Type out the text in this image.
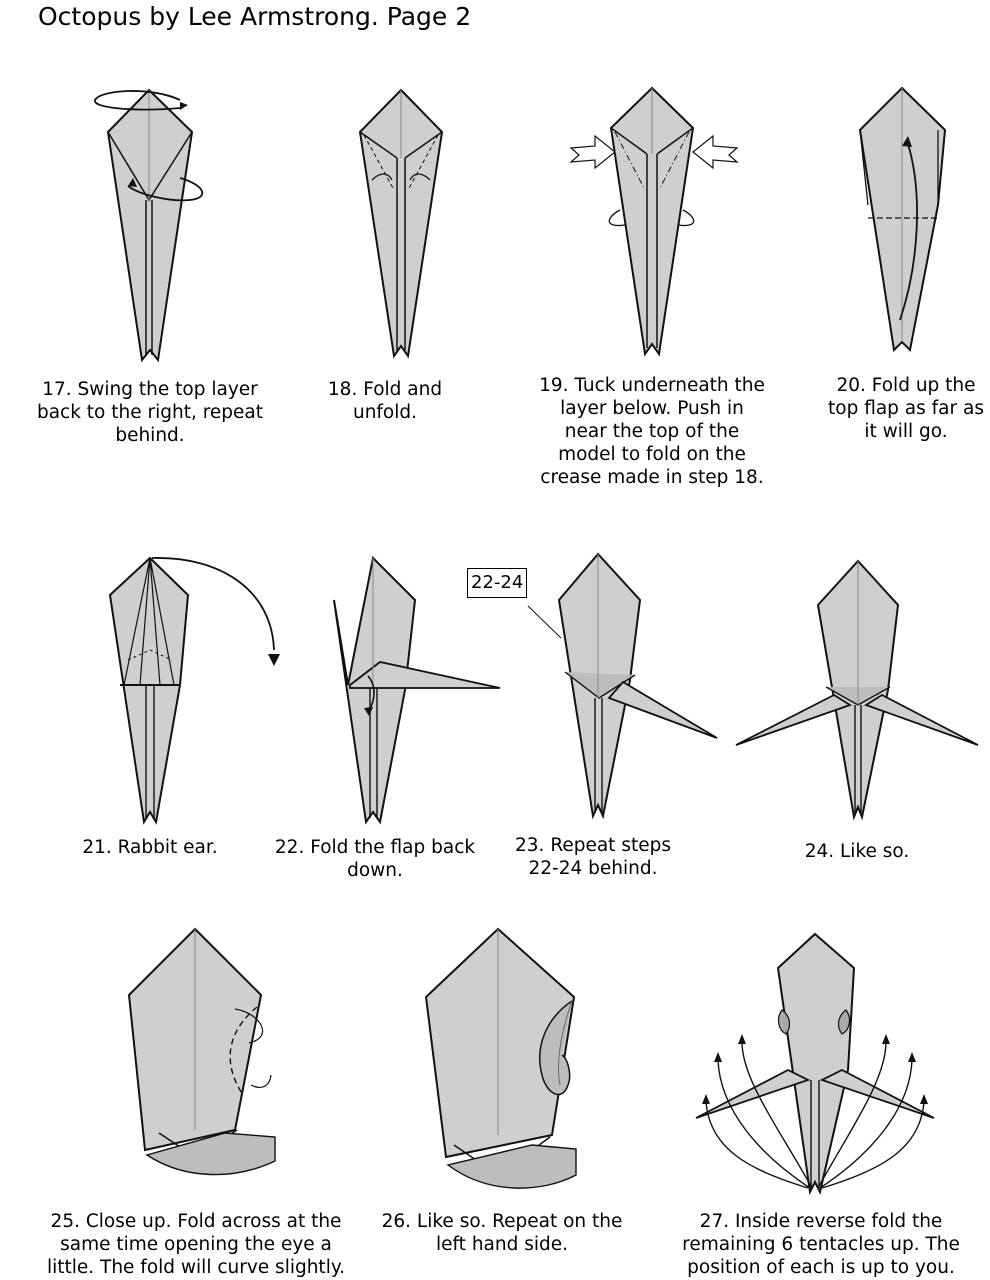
Octopus by Lee Armstrong. Page 2
17. Swing the top layer
back to the right, repeat
behind.
18. Fold and
unfold.
19. Tuck underneath the
layer below. Push in
near the top of the
model to fold on the
crease made in step 18.
20. Fold up the
top flap as far as
it will go.
21. Rabbit ear.	22. Fold the flap back
down.
22-24
23. Repeat steps
22-24 behind.
24. Like so.
25. Close up. Fold across at the
same time opening the eye a
little. The fold will curve slightly.
26. Like so. Repeat on the
left hand side.
27. Inside reverse fold the
remaining 6 tentacles up. The
position of each is up to you.
